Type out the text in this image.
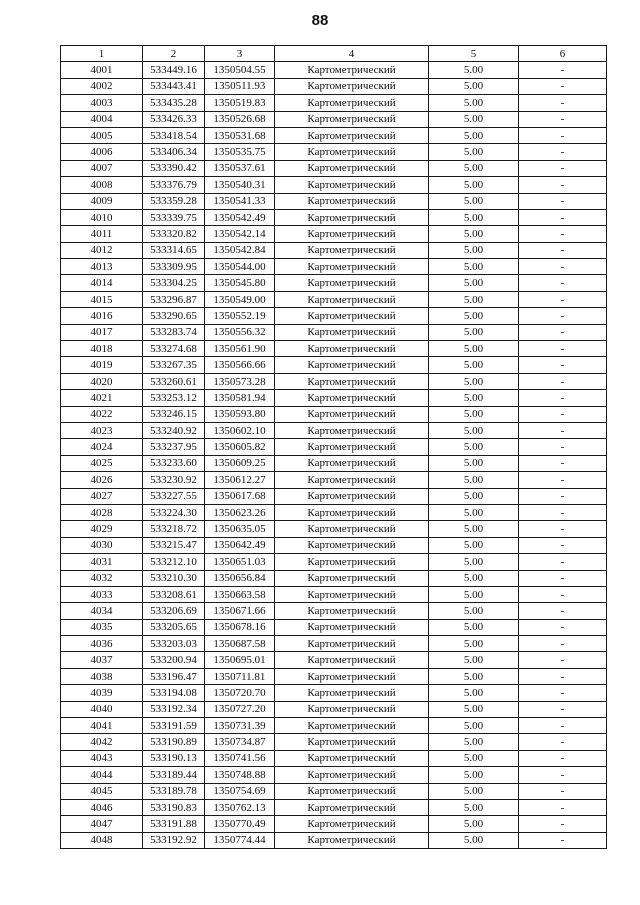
88
1	2	3	4	5	6
4001	533449.16	1350504.55	Картометрический	5.00	-
4002	533443.41	1350511.93	Картометрический	5.00	-
4003	533435.28	1350519.83	Картометрический	5.00	-
4004	533426.33	1350526.68	Картометрический	5.00	-
4005	533418.54	1350531.68	Картометрический	5.00	-
4006	533406.34	1350535.75	Картометрический	5.00	-
4007	533390.42	1350537.61	Картометрический	5.00	-
4008	533376.79	1350540.31	Картометрический	5.00	-
4009	533359.28	1350541.33	Картометрический	5.00	-
4010	533339.75	1350542.49	Картометрический	5.00	-
4011	533320.82	1350542.14	Картометрический	5.00	-
4012	533314.65	1350542.84	Картометрический	5.00	-
4013	533309.95	1350544.00	Картометрический	5.00	-
4014	533304.25	1350545.80	Картометрический	5.00	-
4015	533296.87	1350549.00	Картометрический	5.00	-
4016	533290.65	1350552.19	Картометрический	5.00	-
4017	533283.74	1350556.32	Картометрический	5.00	-
4018	533274.68	1350561.90	Картометрический	5.00	-
4019	533267.35	1350566.66	Картометрический	5.00	-
4020	533260.61	1350573.28	Картометрический	5.00	-
4021	533253.12	1350581.94	Картометрический	5.00	-
4022	533246.15	1350593.80	Картометрический	5.00	-
4023	533240.92	1350602.10	Картометрический	5.00	-
4024	533237.95	1350605.82	Картометрический	5.00	-
4025	533233.60	1350609.25	Картометрический	5.00	-
4026	533230.92	1350612.27	Картометрический	5.00	-
4027	533227.55	1350617.68	Картометрический	5.00	-
4028	533224.30	1350623.26	Картометрический	5.00	-
4029	533218.72	1350635.05	Картометрический	5.00	-
4030	533215.47	1350642.49	Картометрический	5.00	-
4031	533212.10	1350651.03	Картометрический	5.00	-
4032	533210.30	1350656.84	Картометрический	5.00	-
4033	533208.61	1350663.58	Картометрический	5.00	-
4034	533206.69	1350671.66	Картометрический	5.00	-
4035	533205.65	1350678.16	Картометрический	5.00	-
4036	533203.03	1350687.58	Картометрический	5.00	-
4037	533200.94	1350695.01	Картометрический	5.00	-
4038	533196.47	1350711.81	Картометрический	5.00	-
4039	533194.08	1350720.70	Картометрический	5.00	-
4040	533192.34	1350727.20	Картометрический	5.00	-
4041	533191.59	1350731.39	Картометрический	5.00	-
4042	533190.89	1350734.87	Картометрический	5.00	-
4043	533190.13	1350741.56	Картометрический	5.00	-
4044	533189.44	1350748.88	Картометрический	5.00	-
4045	533189.78	1350754.69	Картометрический	5.00	-
4046	533190.83	1350762.13	Картометрический	5.00	-
4047	533191.88	1350770.49	Картометрический	5.00	-
4048	533192.92	1350774.44	Картометрический	5.00	-
